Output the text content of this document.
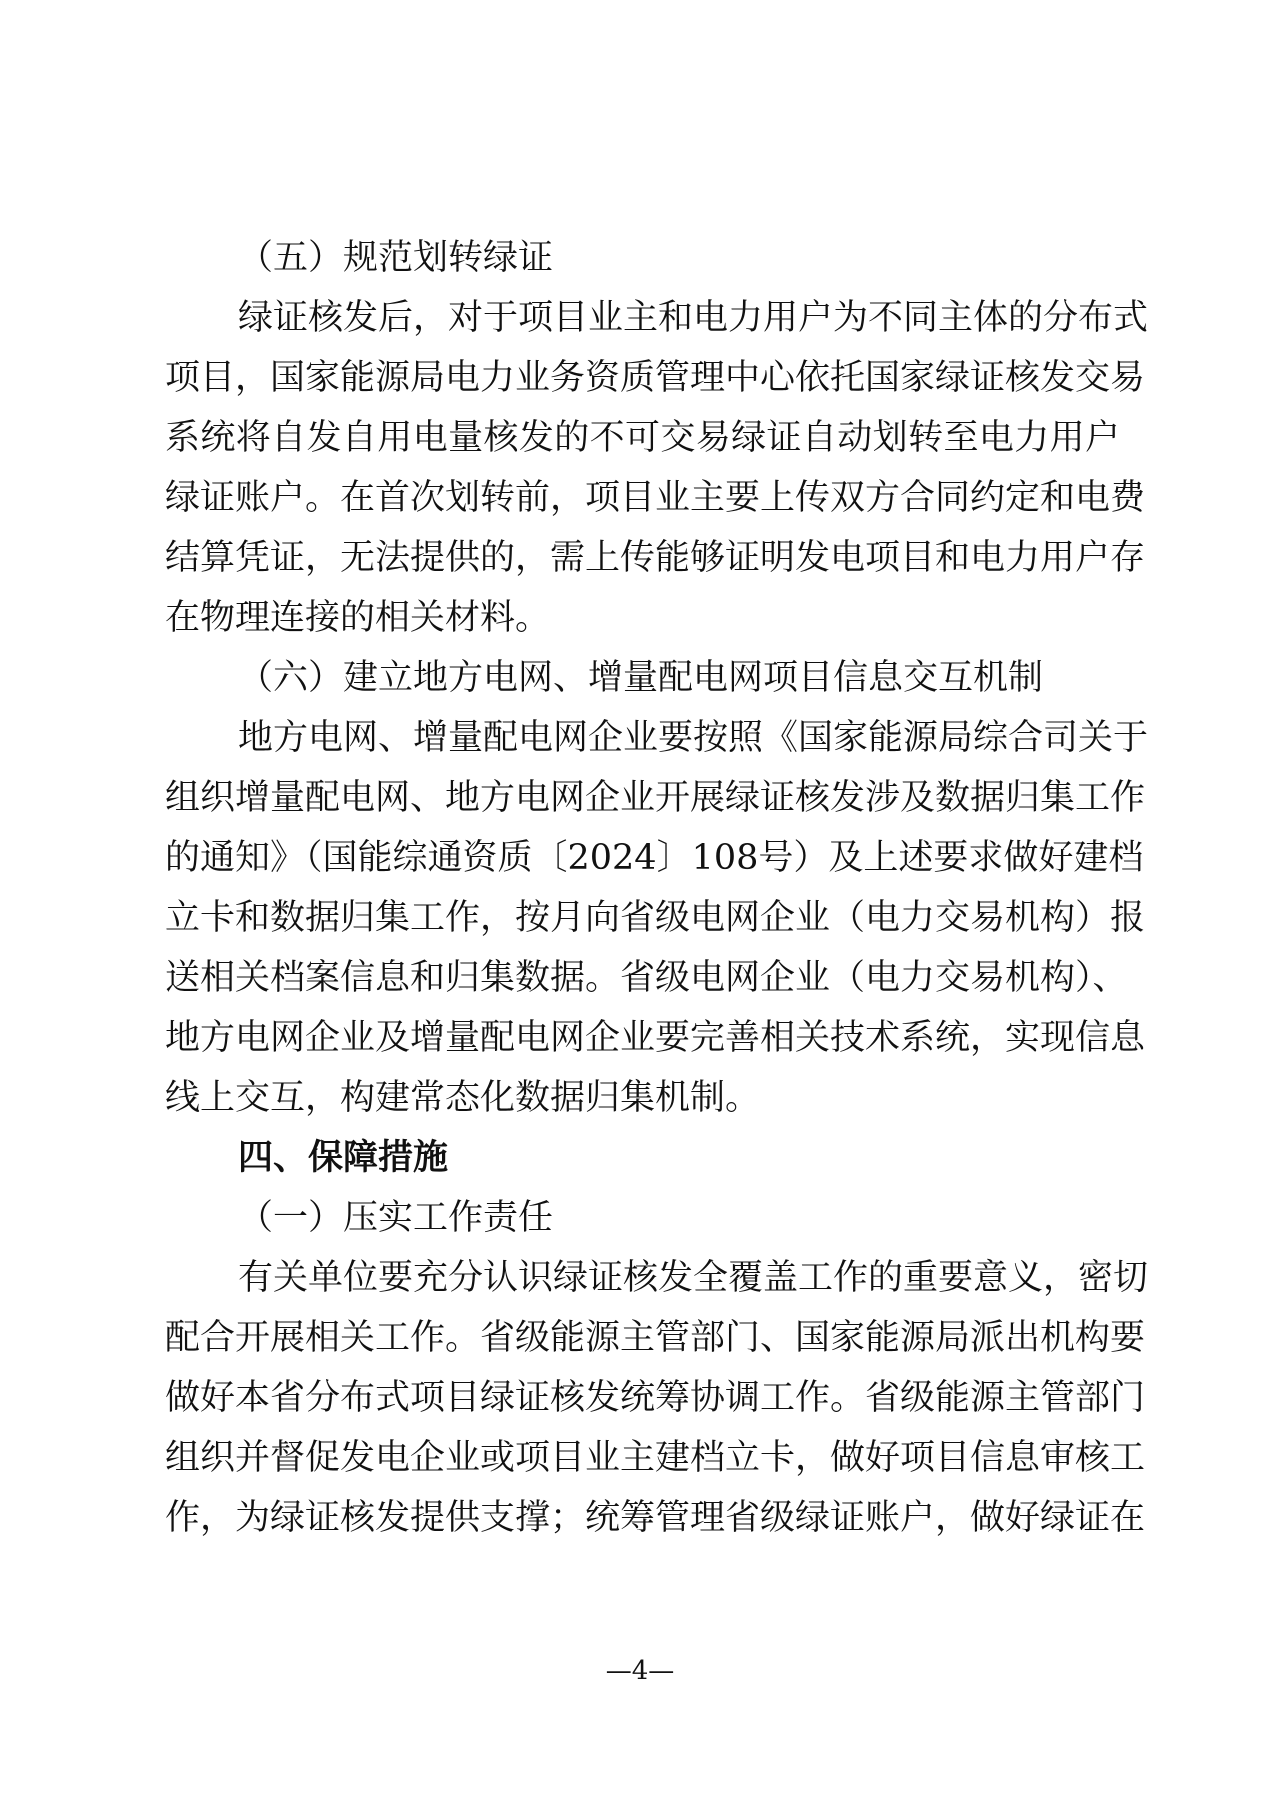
（五）规范划转绿证
绿证核发后，对于项目业主和电力用户为不同主体的分布式
项目，国家能源局电力业务资质管理中心依托国家绿证核发交易
系统将自发自用电量核发的不可交易绿证自动划转至电力用户
绿证账户。在首次划转前，项目业主要上传双方合同约定和电费
结算凭证，无法提供的，需上传能够证明发电项目和电力用户存
在物理连接的相关材料。
（六）建立地方电网、增量配电网项目信息交互机制
地方电网、增量配电网企业要按照《国家能源局综合司关于
组织增量配电网、地方电网企业开展绿证核发涉及数据归集工作
的通知》（国能综通资质〔2024〕108号）及上述要求做好建档
立卡和数据归集工作，按月向省级电网企业（电力交易机构）报
送相关档案信息和归集数据。省级电网企业（电力交易机构）、
地方电网企业及增量配电网企业要完善相关技术系统，实现信息
线上交互，构建常态化数据归集机制。
四、保障措施
（一）压实工作责任
有关单位要充分认识绿证核发全覆盖工作的重要意义，密切
配合开展相关工作。省级能源主管部门、国家能源局派出机构要
做好本省分布式项目绿证核发统筹协调工作。省级能源主管部门
组织并督促发电企业或项目业主建档立卡，做好项目信息审核工
作，为绿证核发提供支撑；统筹管理省级绿证账户，做好绿证在
—4—
